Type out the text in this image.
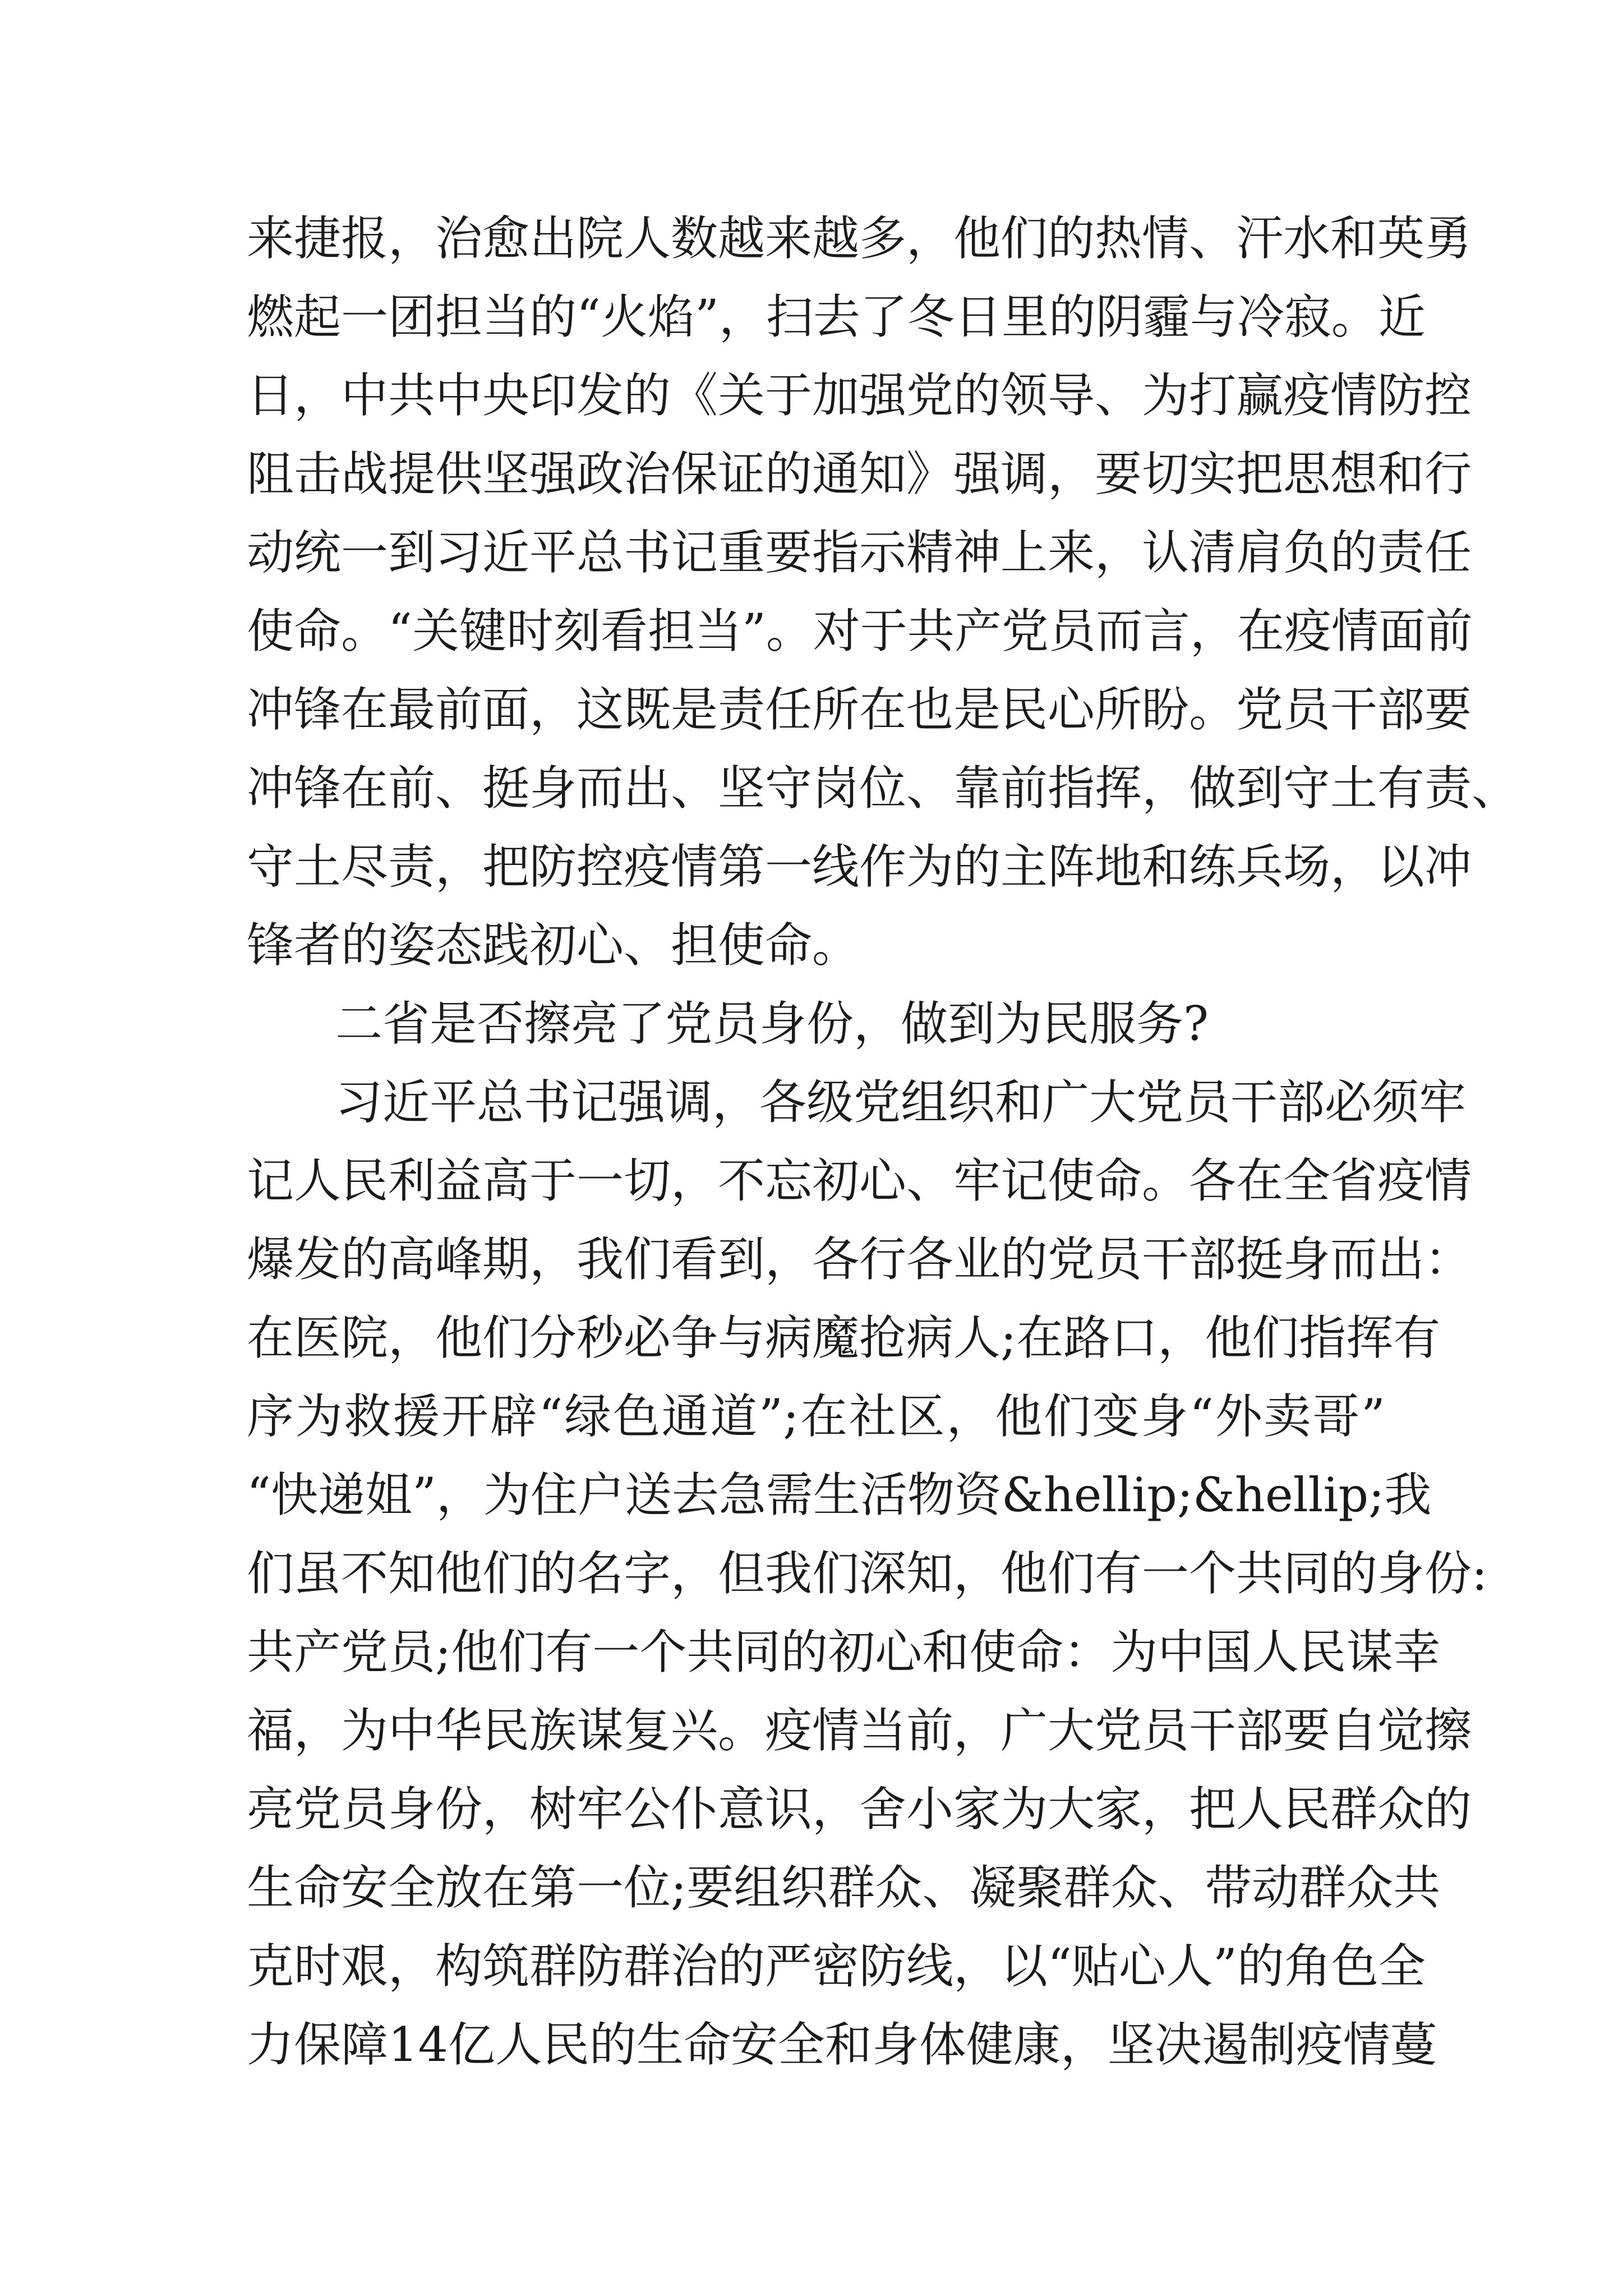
来捷报，治愈出院人数越来越多，他们的热情、汗水和英勇
燃起一团担当的“火焰”，扫去了冬日里的阴霾与冷寂。近
日，中共中央印发的《关于加强党的领导、为打赢疫情防控
阻击战提供坚强政治保证的通知》强调，要切实把思想和行
动统一到习近平总书记重要指示精神上来，认清肩负的责任
使命。“关键时刻看担当”。对于共产党员而言，在疫情面前
冲锋在最前面，这既是责任所在也是民心所盼。党员干部要
冲锋在前、挺身而出、坚守岗位、靠前指挥，做到守土有责、
守土尽责，把防控疫情第一线作为的主阵地和练兵场，以冲
锋者的姿态践初心、担使命。
二省是否擦亮了党员身份，做到为民服务?
习近平总书记强调，各级党组织和广大党员干部必须牢
记人民利益高于一切，不忘初心、牢记使命。各在全省疫情
爆发的高峰期，我们看到，各行各业的党员干部挺身而出：
在医院，他们分秒必争与病魔抢病人;在路口，他们指挥有
序为救援开辟“绿色通道”;在社区，他们变身“外卖哥”
“快递姐”，为住户送去急需生活物资&hellip;&hellip;我
们虽不知他们的名字，但我们深知，他们有一个共同的身份:
共产党员;他们有一个共同的初心和使命：为中国人民谋幸
福，为中华民族谋复兴。疫情当前，广大党员干部要自觉擦
亮党员身份，树牢公仆意识，舍小家为大家，把人民群众的
生命安全放在第一位;要组织群众、凝聚群众、带动群众共
克时艰，构筑群防群治的严密防线，以“贴心人”的角色全
力保障14亿人民的生命安全和身体健康，坚决遏制疫情蔓
